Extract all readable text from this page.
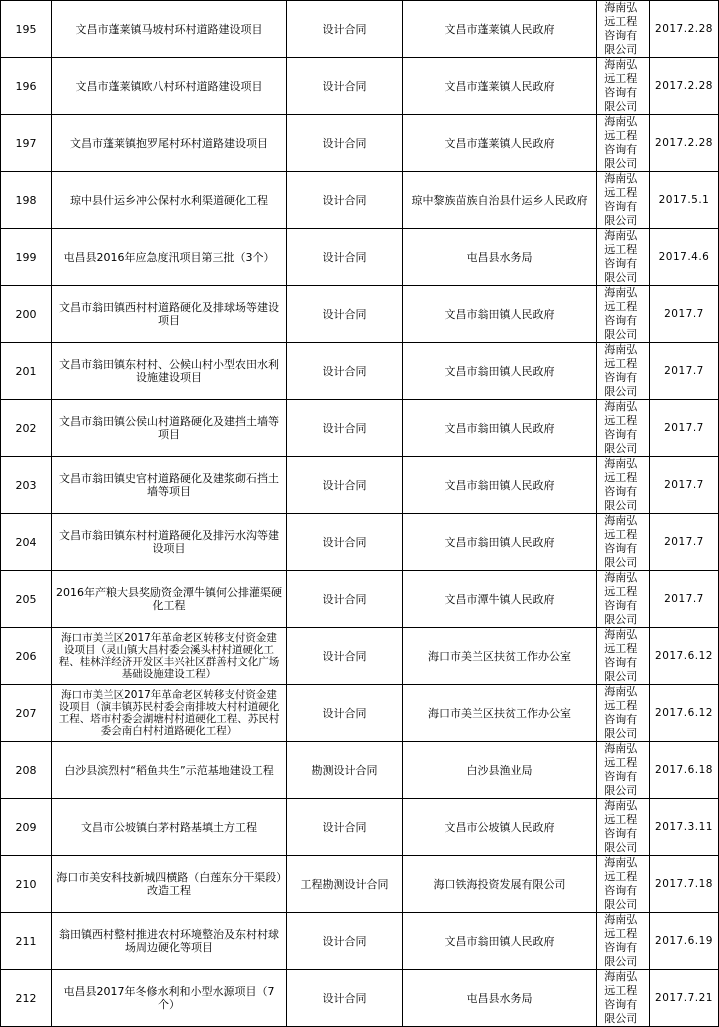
195	文昌市蓬莱镇马坡村环村道路建设项目	设计合同	文昌市蓬莱镇人民政府	海南弘远工程咨询有限公司	2017.2.28
196	文昌市蓬莱镇欧八村环村道路建设项目	设计合同	文昌市蓬莱镇人民政府	海南弘远工程咨询有限公司	2017.2.28
197	文昌市蓬莱镇抱罗尾村环村道路建设项目	设计合同	文昌市蓬莱镇人民政府	海南弘远工程咨询有限公司	2017.2.28
198	琼中县什运乡冲公保村水利渠道硬化工程	设计合同	琼中黎族苗族自治县什运乡人民政府	海南弘远工程咨询有限公司	2017.5.1
199	屯昌县2016年应急度汛项目第三批（3个）	设计合同	屯昌县水务局	海南弘远工程咨询有限公司	2017.4.6
200	文昌市翁田镇西村村道路硬化及排球场等建设项目	设计合同	文昌市翁田镇人民政府	海南弘远工程咨询有限公司	2017.7
201	文昌市翁田镇东村村、公候山村小型农田水利设施建设项目	设计合同	文昌市翁田镇人民政府	海南弘远工程咨询有限公司	2017.7
202	文昌市翁田镇公侯山村道路硬化及建挡土墙等项目	设计合同	文昌市翁田镇人民政府	海南弘远工程咨询有限公司	2017.7
203	文昌市翁田镇史官村道路硬化及建浆砌石挡土墙等项目	设计合同	文昌市翁田镇人民政府	海南弘远工程咨询有限公司	2017.7
204	文昌市翁田镇东村村道路硬化及排污水沟等建设项目	设计合同	文昌市翁田镇人民政府	海南弘远工程咨询有限公司	2017.7
205	2016年产粮大县奖励资金潭牛镇何公排灌渠硬化工程	设计合同	文昌市潭牛镇人民政府	海南弘远工程咨询有限公司	2017.7
206	海口市美兰区2017年革命老区转移支付资金建设项目（灵山镇大昌村委会溪头村村道硬化工程、桂林洋经济开发区丰兴社区群善村文化广场基础设施建设工程）	设计合同	海口市美兰区扶贫工作办公室	海南弘远工程咨询有限公司	2017.6.12
207	海口市美兰区2017年革命老区转移支付资金建设项目（演丰镇苏民村委会南排坡大村村道硬化工程、塔市村委会湖塘村村道硬化工程、苏民村委会南白村村道路硬化工程）	设计合同	海口市美兰区扶贫工作办公室	海南弘远工程咨询有限公司	2017.6.12
208	白沙县滨烈村“稻鱼共生”示范基地建设工程	勘测设计合同	白沙县渔业局	海南弘远工程咨询有限公司	2017.6.18
209	文昌市公坡镇白茅村路基填土方工程	设计合同	文昌市公坡镇人民政府	海南弘远工程咨询有限公司	2017.3.11
210	海口市美安科技新城四横路（白莲东分干渠段）改造工程	工程勘测设计合同	海口铁海投资发展有限公司	海南弘远工程咨询有限公司	2017.7.18
211	翁田镇西村整村推进农村环境整治及东村村球场周边硬化等项目	设计合同	文昌市翁田镇人民政府	海南弘远工程咨询有限公司	2017.6.19
212	屯昌县2017年冬修水利和小型水源项目（7个）	设计合同	屯昌县水务局	海南弘远工程咨询有限公司	2017.7.21
